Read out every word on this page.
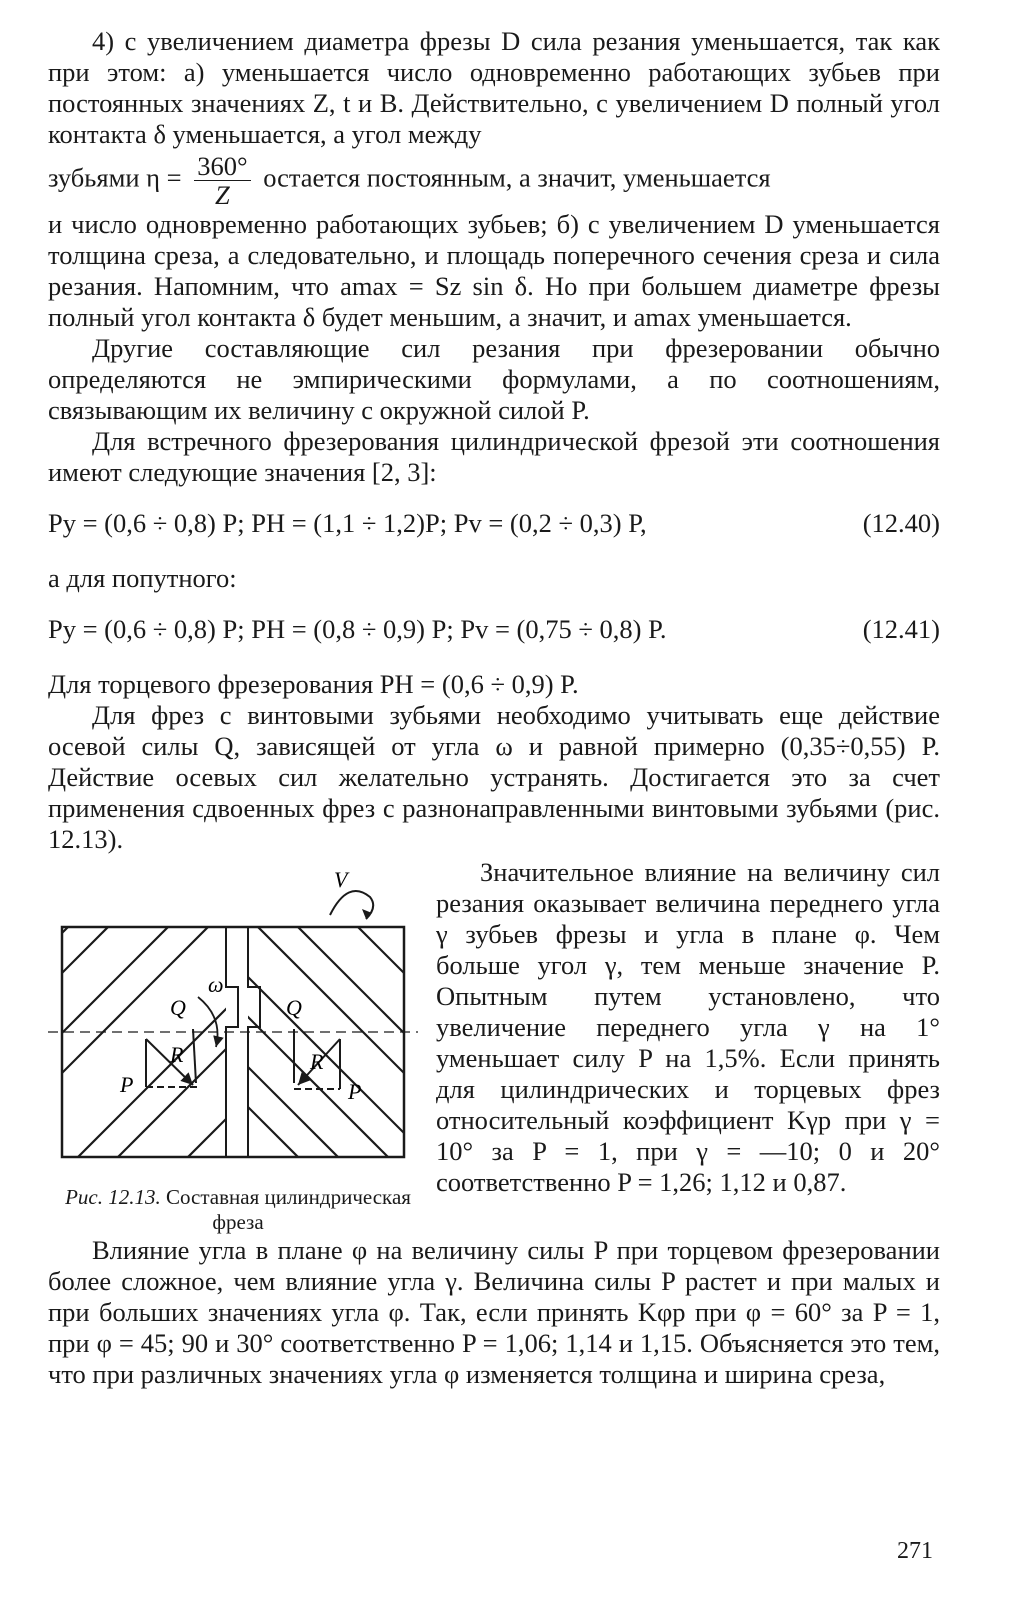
4) с увеличением диаметра фрезы D сила резания уменьшается, так как при этом: а) уменьшается число одновременно работающих зубьев при постоянных значениях Z, t и B. Действительно, с увеличением D полный угол контакта δ уменьшается, а угол между

зубьями $\eta = \frac{360^\circ}{Z}$ остается постоянным, а значит, уменьшается

и число одновременно работающих зубьев; б) с увеличением D уменьшается толщина среза, а следовательно, и площадь поперечного сечения среза и сила резания. Напомним, что amax = Sz sin δ. Но при большем диаметре фрезы полный угол контакта δ будет меньшим, а значит, и amax уменьшается.

Другие составляющие сил резания при фрезеровании обычно определяются не эмпирическими формулами, а по соотношениям, связывающим их величину с окружной силой P.

Для встречного фрезерования цилиндрической фрезой эти соотношения имеют следующие значения [2, 3]:

Py = (0,6 ÷ 0,8) P; PH = (1,1 ÷ 1,2)P; Pv = (0,2 ÷ 0,3) P,	(12.40)

а для попутного:

Py = (0,6 ÷ 0,8) P; PH = (0,8 ÷ 0,9) P; Pv = (0,75 ÷ 0,8) P.	(12.41)

Для торцевого фрезерования PH = (0,6 ÷ 0,9) P.

Для фрез с винтовыми зубьями необходимо учитывать еще действие осевой силы Q, зависящей от угла ω и равной примерно (0,35÷0,55) P. Действие осевых сил желательно устранять. Достигается это за счет применения сдвоенных фрез с разнонаправленными винтовыми зубьями (рис. 12.13).

V
ω
Q	Q
R	R
P	P
Рис. 12.13. Составная цилиндрическая фреза

Значительное влияние на величину сил резания оказывает величина переднего угла γ зубьев фрезы и угла в плане φ. Чем больше угол γ, тем меньше значение P. Опытным путем установлено, что увеличение переднего угла γ на 1° уменьшает силу P на 1,5%. Если принять для цилиндрических и торцевых фрез относительный коэффициент Kγp при γ = 10° за P = 1, при γ = —10; 0 и 20° соответственно P = 1,26; 1,12 и 0,87.

Влияние угла в плане φ на величину силы P при торцевом фрезеровании более сложное, чем влияние угла γ. Величина силы P растет и при малых и при больших значениях угла φ. Так, если принять Kφp при φ = 60° за P = 1, при φ = 45; 90 и 30° соответственно P = 1,06; 1,14 и 1,15. Объясняется это тем, что при различных значениях угла φ изменяется толщина и ширина среза,

271
